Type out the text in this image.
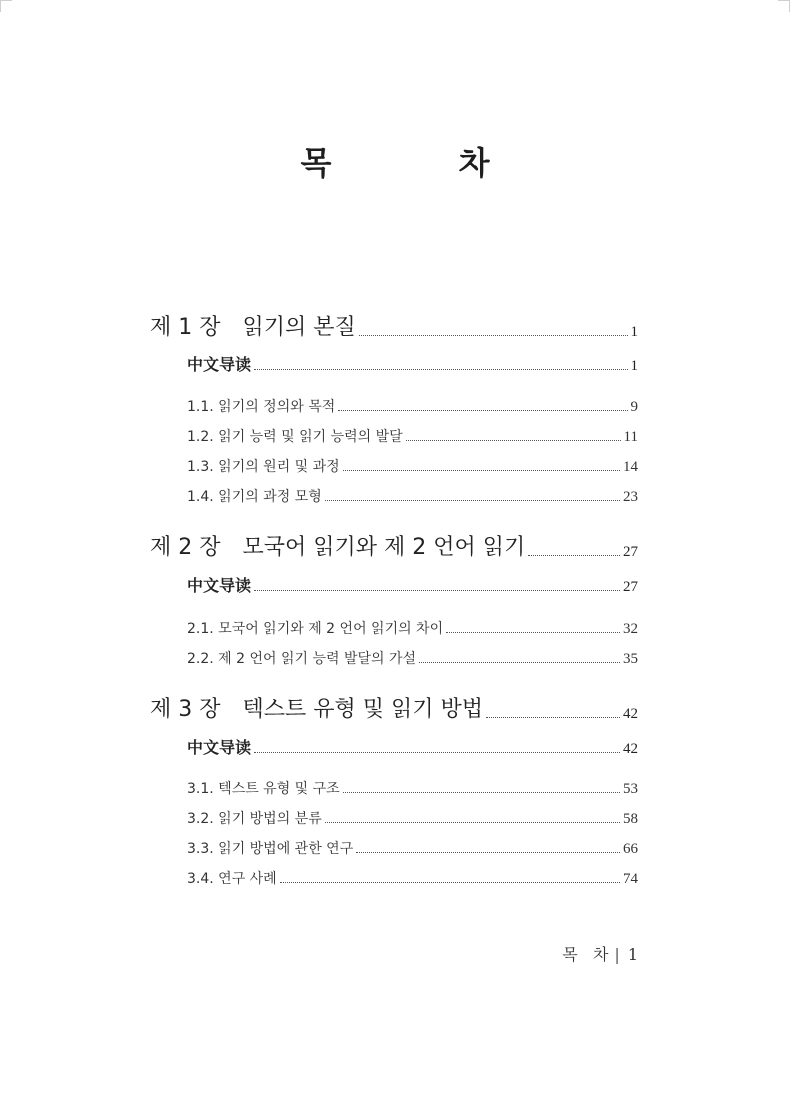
목 차
제 1 장 읽기의 본질	1
中文导读	1
1.1. 읽기의 정의와 목적	9
1.2. 읽기 능력 및 읽기 능력의 발달	11
1.3. 읽기의 원리 및 과정	14
1.4. 읽기의 과정 모형	23
제 2 장 모국어 읽기와 제 2 언어 읽기	27
中文导读	27
2.1. 모국어 읽기와 제 2 언어 읽기의 차이	32
2.2. 제 2 언어 읽기 능력 발달의 가설	35
제 3 장 텍스트 유형 및 읽기 방법	42
中文导读	42
3.1. 텍스트 유형 및 구조	53
3.2. 읽기 방법의 분류	58
3.3. 읽기 방법에 관한 연구	66
3.4. 연구 사례	74
목   차 | 1
